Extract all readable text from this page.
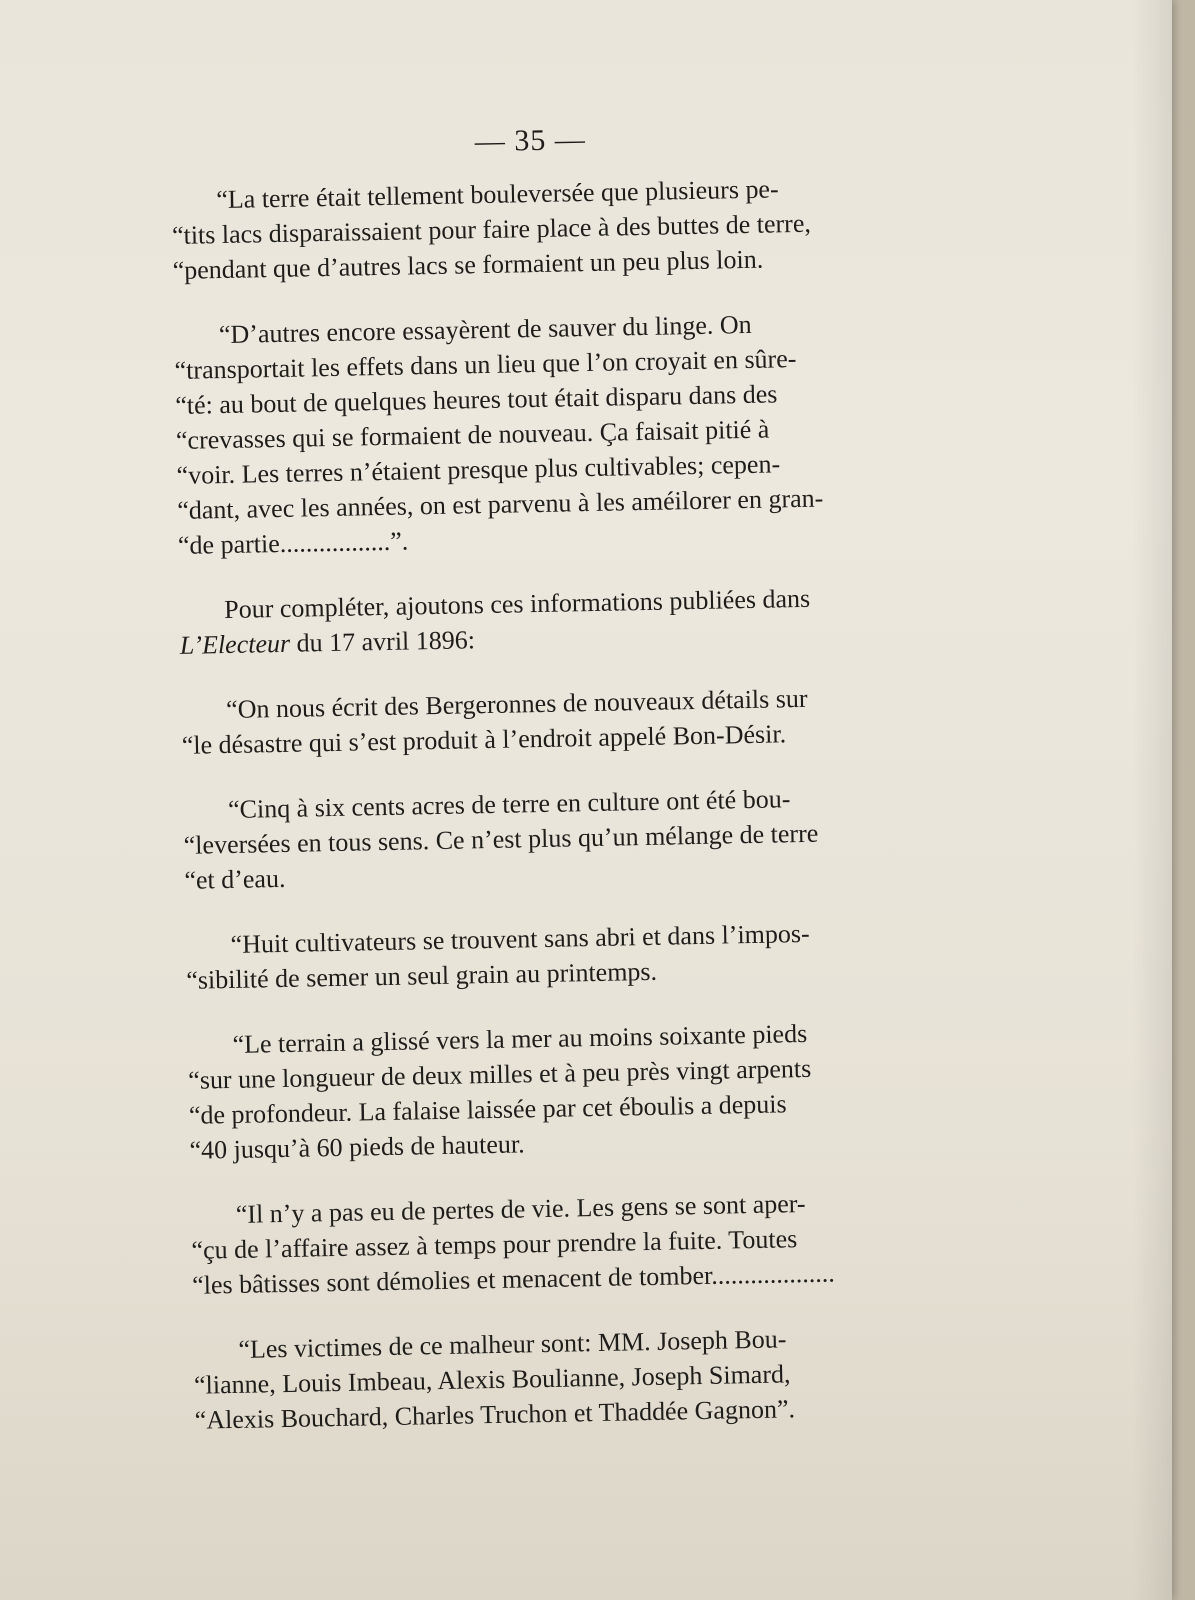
— 35 —
“La terre était tellement bouleversée que plusieurs pe-
“tits lacs disparaissaient pour faire place à des buttes de terre,
“pendant que d’autres lacs se formaient un peu plus loin.
“D’autres encore essayèrent de sauver du linge. On
“transportait les effets dans un lieu que l’on croyait en sûre-
“té: au bout de quelques heures tout était disparu dans des
“crevasses qui se formaient de nouveau. Ça faisait pitié à
“voir. Les terres n’étaient presque plus cultivables; cepen-
“dant, avec les années, on est parvenu à les améilorer en gran-
“de partie.................”.
Pour compléter, ajoutons ces informations publiées dans
L’Electeur du 17 avril 1896:
“On nous écrit des Bergeronnes de nouveaux détails sur
“le désastre qui s’est produit à l’endroit appelé Bon-Désir.
“Cinq à six cents acres de terre en culture ont été bou-
“leversées en tous sens. Ce n’est plus qu’un mélange de terre
“et d’eau.
“Huit cultivateurs se trouvent sans abri et dans l’impos-
“sibilité de semer un seul grain au printemps.
“Le terrain a glissé vers la mer au moins soixante pieds
“sur une longueur de deux milles et à peu près vingt arpents
“de profondeur. La falaise laissée par cet éboulis a depuis
“40 jusqu’à 60 pieds de hauteur.
“Il n’y a pas eu de pertes de vie. Les gens se sont aper-
“çu de l’affaire assez à temps pour prendre la fuite. Toutes
“les bâtisses sont démolies et menacent de tomber...................
“Les victimes de ce malheur sont: MM. Joseph Bou-
“lianne, Louis Imbeau, Alexis Boulianne, Joseph Simard,
“Alexis Bouchard, Charles Truchon et Thaddée Gagnon”.
